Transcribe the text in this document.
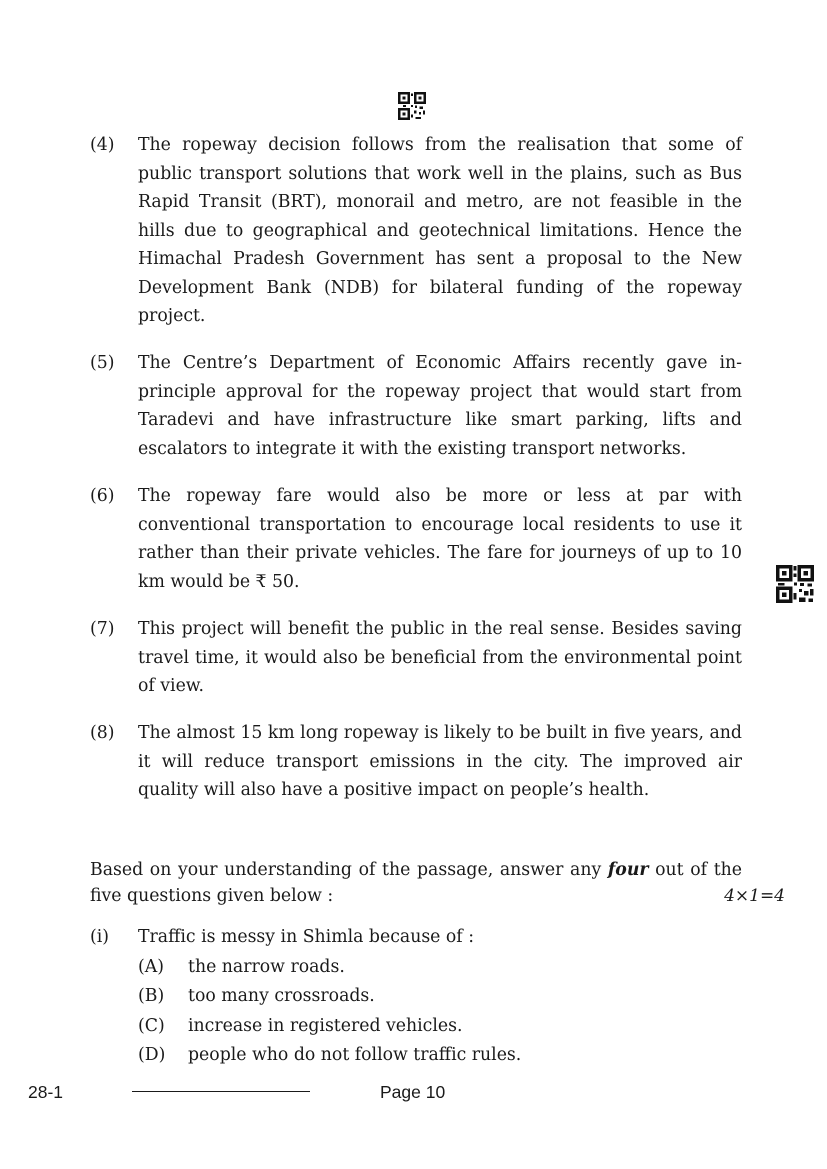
(4) The ropeway decision follows from the realisation that some of public transport solutions that work well in the plains, such as Bus Rapid Transit (BRT), monorail and metro, are not feasible in the hills due to geographical and geotechnical limitations. Hence the Himachal Pradesh Government has sent a proposal to the New Development Bank (NDB) for bilateral funding of the ropeway project.
(5) The Centre’s Department of Economic Affairs recently gave in-principle approval for the ropeway project that would start from Taradevi and have infrastructure like smart parking, lifts and escalators to integrate it with the existing transport networks.
(6) The ropeway fare would also be more or less at par with conventional transportation to encourage local residents to use it rather than their private vehicles. The fare for journeys of up to 10 km would be ₹ 50.
(7) This project will benefit the public in the real sense. Besides saving travel time, it would also be beneficial from the environmental point of view.
(8) The almost 15 km long ropeway is likely to be built in five years, and it will reduce transport emissions in the city. The improved air quality will also have a positive impact on people’s health.
Based on your understanding of the passage, answer any four out of the five questions given below :	4×1=4
(i) Traffic is messy in Shimla because of :
(A) the narrow roads.
(B) too many crossroads.
(C) increase in registered vehicles.
(D) people who do not follow traffic rules.
28-1	Page 10
